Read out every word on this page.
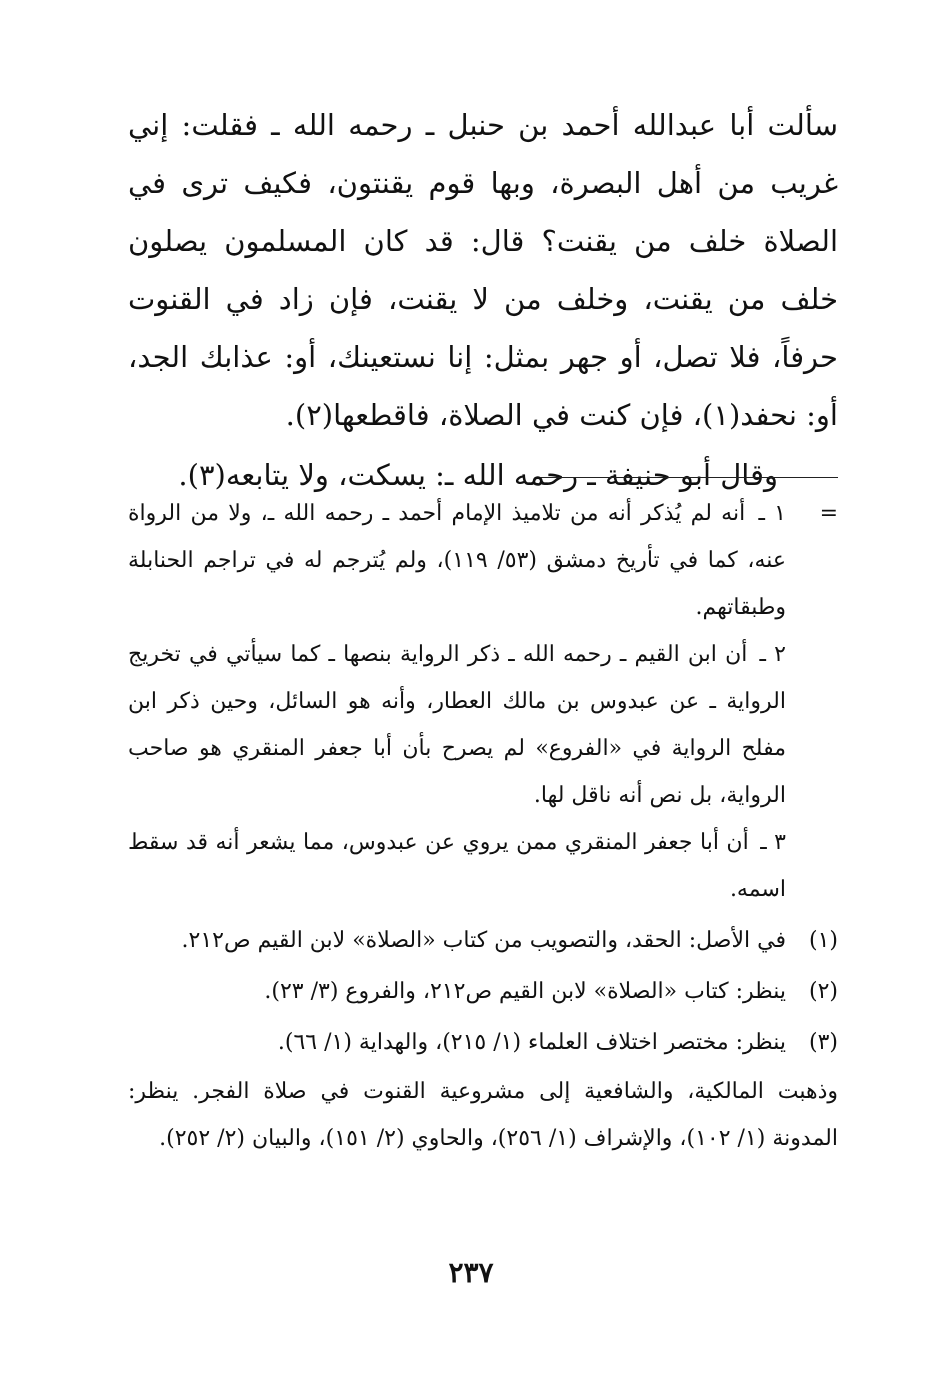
سألت أبا عبدالله أحمد بن حنبل ـ رحمه الله ـ فقلت: إني غريب من أهل البصرة، وبها قوم يقنتون، فكيف ترى في الصلاة خلف من يقنت؟ قال: قد كان المسلمون يصلون خلف من يقنت، وخلف من لا يقنت، فإن زاد في القنوت حرفاً، فلا تصل، أو جهر بمثل: إنا نستعينك، أو: عذابك الجد، أو: نحفد(١)، فإن كنت في الصلاة، فاقطعها(٢).

وقال أبو حنيفة ـ رحمه الله ـ: يسكت، ولا يتابعه(٣).

=
١ ـ أنه لم يُذكر أنه من تلاميذ الإمام أحمد ـ رحمه الله ـ، ولا من الرواة عنه، كما في تأريخ دمشق (٥٣/ ١١٩)، ولم يُترجم له في تراجم الحنابلة وطبقاتهم.
٢ ـ أن ابن القيم ـ رحمه الله ـ ذكر الرواية بنصها ـ كما سيأتي في تخريج الرواية ـ عن عبدوس بن مالك العطار، وأنه هو السائل، وحين ذكر ابن مفلح الرواية في «الفروع» لم يصرح بأن أبا جعفر المنقري هو صاحب الرواية، بل نص أنه ناقل لها.
٣ ـ أن أبا جعفر المنقري ممن يروي عن عبدوس، مما يشعر أنه قد سقط اسمه.
(١)
في الأصل: الحقد، والتصويب من كتاب «الصلاة» لابن القيم ص٢١٢.
(٢)
ينظر: كتاب «الصلاة» لابن القيم ص٢١٢، والفروع (٣/ ٢٣).
(٣)
ينظر: مختصر اختلاف العلماء (١/ ٢١٥)، والهداية (١/ ٦٦).
وذهبت المالكية، والشافعية إلى مشروعية القنوت في صلاة الفجر. ينظر: المدونة (١/ ١٠٢)، والإشراف (١/ ٢٥٦)، والحاوي (٢/ ١٥١)، والبيان (٢/ ٢٥٢).
٢٣٧
